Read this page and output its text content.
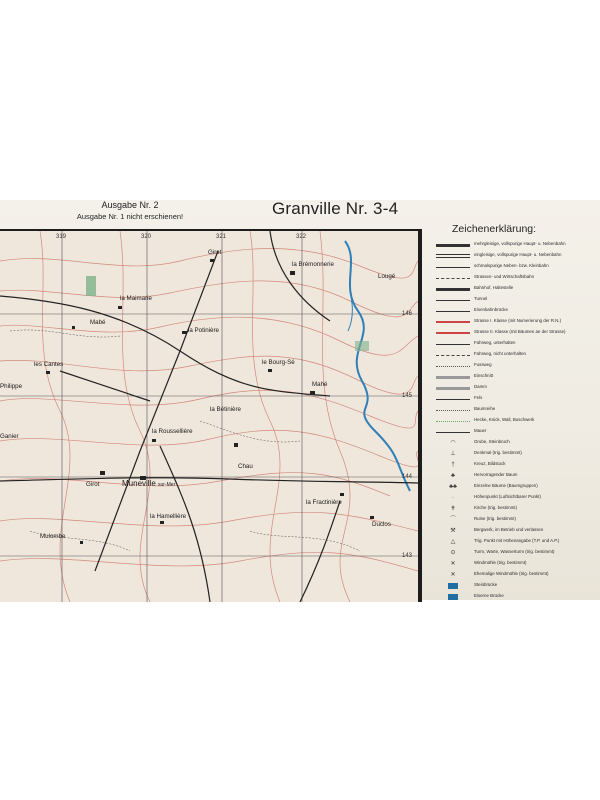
Ausgabe Nr. 2
Ausgabe Nr. 1 nicht erschienen!	Granville Nr. 3-4
319	320	321	322
146
145
144
143
Giret
la Brémonnerie
la Maimarie
Mabé
la Potinière
les Cantes
Philippe
le Bourg-Sé
Mahé
la Roussellière
la Bétinière
Ganier
Chau
Girot	Muneville sur-Mer
la Hamellière
la Fractinière
Duclos
Mulombe
Lougé
Zeichenerklärung:
mehrgleisige, vollspurige Haupt- u. Nebenbahn
eingleisige, vollspurige Haupt- u. Nebenbahn
schmalspurige Neben- bzw. Kleinbahn
Strassen- und Wirtschaftsbahn
Bahnhof, Haltestelle
Tunnel
Eisenbahnbrücke
Strasse I. Klasse (mit Numerierung der R.N.)
Strasse II. Klasse (mit Bäumen an der Strasse)
Fahrweg, unterhalten
Fahrweg, nicht unterhalten
Fussweg
Einschnitt
Damm
Fels
Baumreihe
Hecke, Knick, Wall, Buschwerk
Mauer
◠	Grube, Steinbruch
⊥	Denkmal (trig. bestimmt)
†	Kreuz, Bildstock
♣	Hervorragender Baum
♣♣	Einzelne Bäume (Baumgruppen)
·	Höhenpunkt (Luftsichtbarer Punkt)
✝	Kirche (trig. bestimmt)
⌒	Ruine (trig. bestimmt)
⚒	Bergwerk, im Betrieb und verlassen
△	Trig. Punkt mit Höhenangabe (T.P. und A.P.)
⊙	Turm, Warte, Wasserturm (trig. bestimmt)
✕	Windmühle (trig. bestimmt)
✕	Ehemalige Windmühle (trig. bestimmt)
Steinbrücke
Eiserne Brücke
